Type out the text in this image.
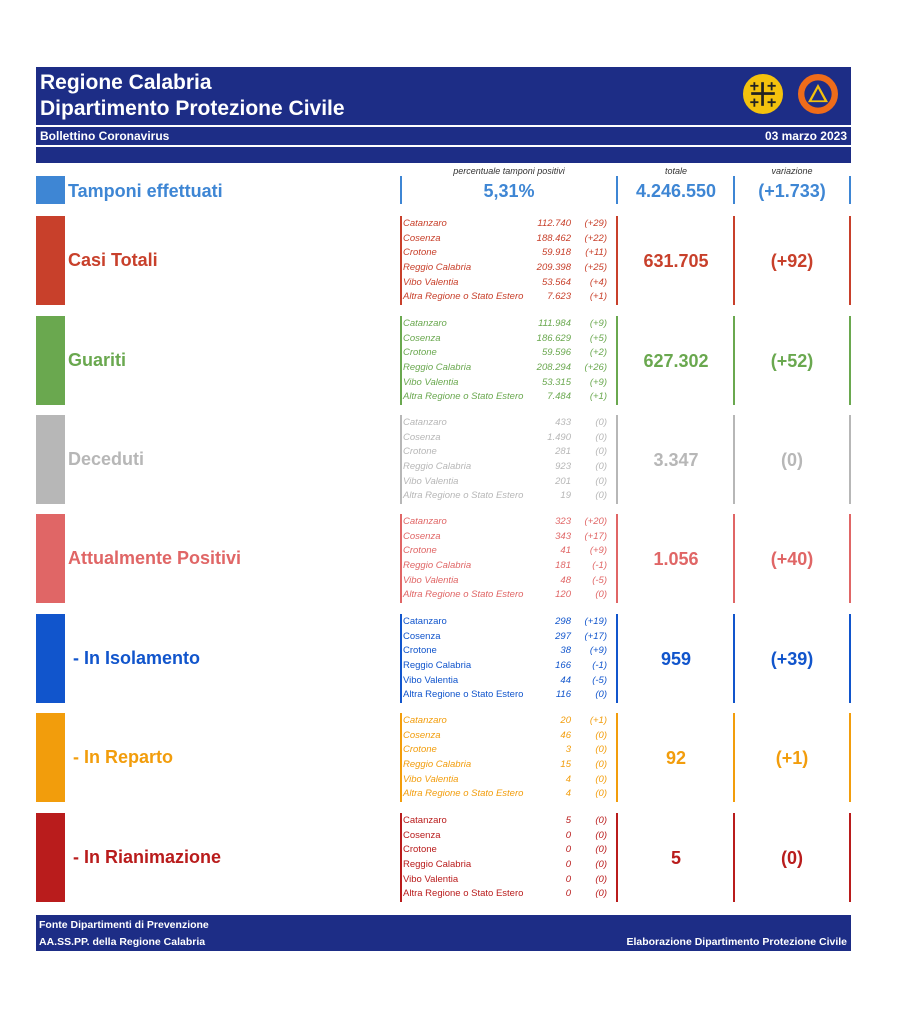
Regione Calabria
Dipartimento Protezione Civile
Bollettino Coronavirus	03 marzo 2023
percentuale tamponi positivi	totale	variazione
Tamponi effettuati	5,31%	4.246.550	(+1.733)
Casi Totali
Catanzaro	112.740 (+29)
Cosenza	188.462 (+22)
Crotone	59.918 (+11)
Reggio Calabria	209.398 (+25)
Vibo Valentia	53.564 (+4)
Altra Regione o Stato Estero	7.623 (+1)
631.705	(+92)
Guariti
Catanzaro	111.984 (+9)
Cosenza	186.629 (+5)
Crotone	59.596 (+2)
Reggio Calabria	208.294 (+26)
Vibo Valentia	53.315 (+9)
Altra Regione o Stato Estero	7.484 (+1)
627.302	(+52)
Deceduti
Catanzaro	433	(0)
Cosenza	1.490	(0)
Crotone	281	(0)
Reggio Calabria	923	(0)
Vibo Valentia	201	(0)
Altra Regione o Stato Estero	19	(0)
3.347	(0)
Attualmente Positivi
Catanzaro	323 (+20)
Cosenza	343 (+17)
Crotone	41 (+9)
Reggio Calabria	181 (-1)
Vibo Valentia	48 (-5)
Altra Regione o Stato Estero	120	(0)
1.056	(+40)
- In Isolamento
Catanzaro	298 (+19)
Cosenza	297 (+17)
Crotone	38 (+9)
Reggio Calabria	166 (-1)
Vibo Valentia	44 (-5)
Altra Regione o Stato Estero	116	(0)
959	(+39)
- In Reparto
Catanzaro	20 (+1)
Cosenza	46	(0)
Crotone	3	(0)
Reggio Calabria	15	(0)
Vibo Valentia	4	(0)
Altra Regione o Stato Estero	4	(0)
92	(+1)
- In Rianimazione
Catanzaro	5	(0)
Cosenza	0	(0)
Crotone	0	(0)
Reggio Calabria	0	(0)
Vibo Valentia	0	(0)
Altra Regione o Stato Estero	0	(0)
5	(0)
Fonte Dipartimenti di Prevenzione
AA.SS.PP. della Regione Calabria	Elaborazione Dipartimento Protezione Civile
